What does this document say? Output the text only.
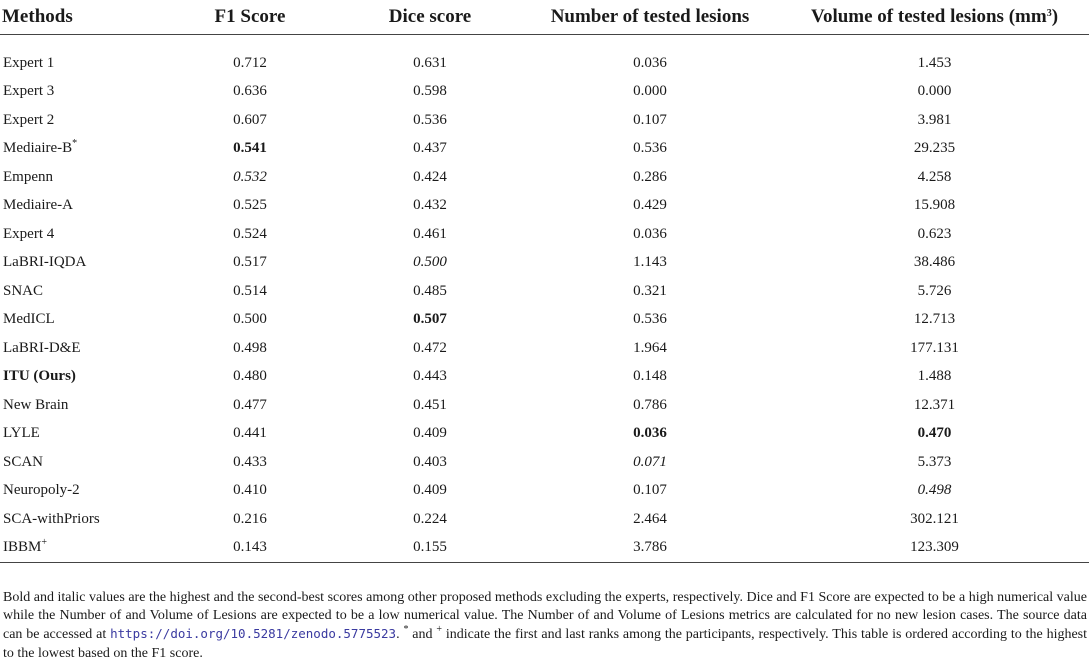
Methods	F1 Score	Dice score	Number of tested lesions	Volume of tested lesions $(mm^3)$

Expert 1	0.712	0.631	0.036	1.453
Expert 3	0.636	0.598	0.000	0.000
Expert 2	0.607	0.536	0.107	3.981
Mediaire-B*	0.541	0.437	0.536	29.235
Empenn	0.532	0.424	0.286	4.258
Mediaire-A	0.525	0.432	0.429	15.908
Expert 4	0.524	0.461	0.036	0.623
LaBRI-IQDA	0.517	0.500	1.143	38.486
SNAC	0.514	0.485	0.321	5.726
MedICL	0.500	0.507	0.536	12.713
LaBRI-D&E	0.498	0.472	1.964	177.131
ITU (Ours)	0.480	0.443	0.148	1.488
New Brain	0.477	0.451	0.786	12.371
LYLE	0.441	0.409	0.036	0.470
SCAN	0.433	0.403	0.071	5.373
Neuropoly-2	0.410	0.409	0.107	0.498
SCA-withPriors	0.216	0.224	2.464	302.121
IBBM+	0.143	0.155	3.786	123.309

Bold and italic values are the highest and the second-best scores among other proposed methods excluding the experts, respectively. Dice and F1 Score are expected to be a high numerical value while the Number of and Volume of Lesions are expected to be a low numerical value. The Number of and Volume of Lesions metrics are calculated for no new lesion cases. The source data can be accessed at https://doi.org/10.5281/zenodo.5775523. * and + indicate the first and last ranks among the participants, respectively. This table is ordered according to the highest to the lowest based on the F1 score.
